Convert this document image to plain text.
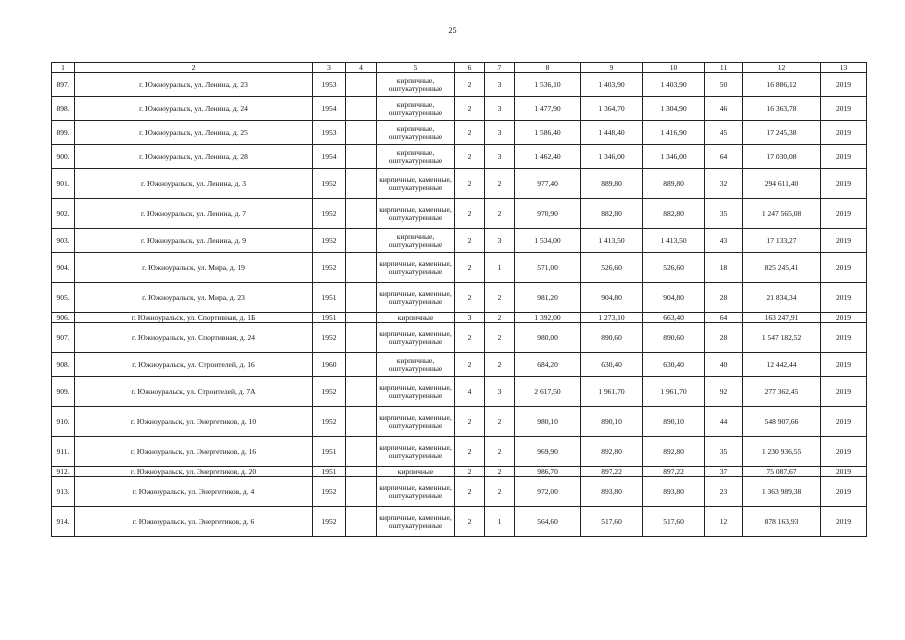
25
1	2	3	4	5	6	7	8	9	10	11	12	13
897.	г. Южноуральск, ул. Ленина, д. 23	1953		кирпичные, оштукатуренные	2	3	1 536,10	1 403,90	1 403,90	50	16 886,12	2019
898.	г. Южноуральск, ул. Ленина, д. 24	1954		кирпичные, оштукатуренные	2	3	1 477,90	1 364,70	1 304,90	46	16 363,78	2019
899.	г. Южноуральск, ул. Ленина, д. 25	1953		кирпичные, оштукатуренные	2	3	1 586,40	1 448,40	1 416,90	45	17 245,38	2019
900.	г. Южноуральск, ул. Ленина, д. 28	1954		кирпичные, оштукатуренные	2	3	1 462,40	1 346,00	1 346,00	64	17 030,08	2019
901.	г. Южноуральск, ул. Ленина, д. 3	1952		кирпичные, каменные, оштукатуренные	2	2	977,40	889,80	889,80	32	294 611,40	2019
902.	г. Южноуральск, ул. Ленина, д. 7	1952		кирпичные, каменные, оштукатуренные	2	2	970,90	882,80	882,80	35	1 247 565,08	2019
903.	г. Южноуральск, ул. Ленина, д. 9	1952		кирпичные, оштукатуренные	2	3	1 534,00	1 413,50	1 413,50	43	17 133,27	2019
904.	г. Южноуральск, ул. Мира, д. 19	1952		кирпичные, каменные, оштукатуренные	2	1	571,00	526,60	526,60	18	825 245,41	2019
905.	г. Южноуральск, ул. Мира, д. 23	1951		кирпичные, каменные, оштукатуренные	2	2	981,20	904,80	904,80	28	21 834,34	2019
906.	г. Южноуральск, ул. Спортивная, д. 1Б	1951		кирпичные	3	2	1 392,00	1 273,10	663,40	64	163 247,91	2019
907.	г. Южноуральск, ул. Спортивная, д. 24	1952		кирпичные, каменные, оштукатуренные	2	2	980,00	890,60	890,60	28	1 547 182,52	2019
908.	г. Южноуральск, ул. Строителей, д. 16	1960		кирпичные, оштукатуренные	2	2	684,20	630,40	630,40	40	12 442,44	2019
909.	г. Южноуральск, ул. Строителей, д. 7А	1952		кирпичные, каменные, оштукатуренные	4	3	2 617,50	1 961,70	1 961,70	92	277 362,45	2019
910.	г. Южноуральск, ул. Энергетиков, д. 10	1952		кирпичные, каменные, оштукатуренные	2	2	980,10	890,10	890,10	44	548 907,66	2019
911.	г. Южноуральск, ул. Энергетиков, д. 16	1951		кирпичные, каменные, оштукатуренные	2	2	969,90	892,80	892,80	35	1 230 936,55	2019
912.	г. Южноуральск, ул. Энергетиков, д. 20	1951		кирпичные	2	2	986,70	897,22	897,22	37	75 087,67	2019
913.	г. Южноуральск, ул. Энергетиков, д. 4	1952		кирпичные, каменные, оштукатуренные	2	2	972,00	893,80	893,80	23	1 363 989,38	2019
914.	г. Южноуральск, ул. Энергетиков, д. 6	1952		кирпичные, каменные, оштукатуренные	2	1	564,60	517,60	517,60	12	878 163,93	2019
